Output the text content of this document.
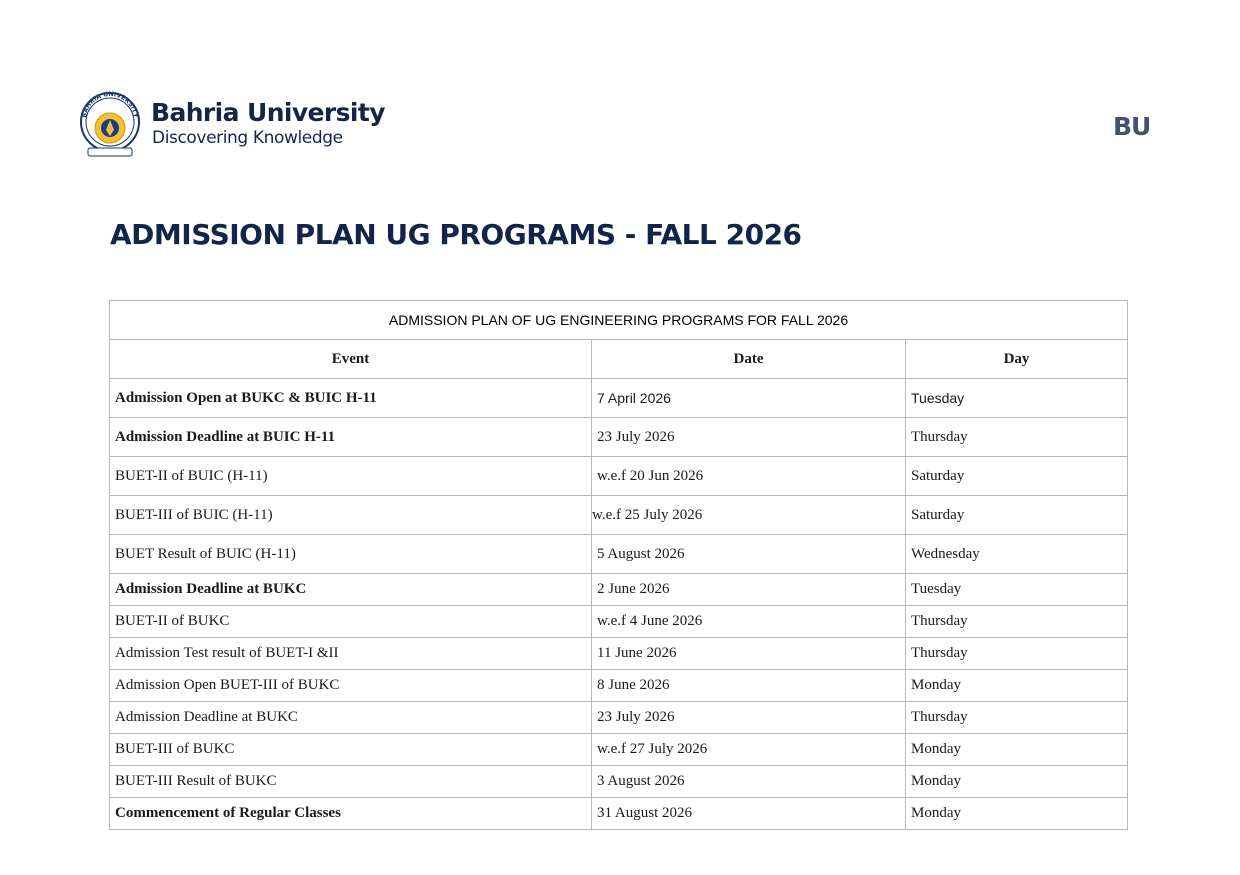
BAHRIA UNIVERSITY Bahria University
Discovering Knowledge	BU
ADMISSION PLAN UG PROGRAMS - FALL 2026
ADMISSION PLAN OF UG ENGINEERING PROGRAMS FOR FALL 2026		
Event	Date	Day
Admission Open at BUKC & BUIC H-11	7 April 2026	Tuesday
Admission Deadline at BUIC H-11	23 July 2026	Thursday
BUET-II of BUIC (H-11)	w.e.f 20 Jun 2026	Saturday
BUET-III of BUIC (H-11)	w.e.f 25 July 2026	Saturday
BUET Result of BUIC (H-11)	5 August 2026	Wednesday
Admission Deadline at BUKC	2 June 2026	Tuesday
BUET-II of BUKC	w.e.f 4 June 2026	Thursday
Admission Test result of BUET-I &II	11 June 2026	Thursday
Admission Open BUET-III of BUKC	8 June 2026	Monday
Admission Deadline at BUKC	23 July 2026	Thursday
BUET-III of BUKC	w.e.f 27 July 2026	Monday
BUET-III Result of BUKC	3 August 2026	Monday
Commencement of Regular Classes	31 August 2026	Monday
